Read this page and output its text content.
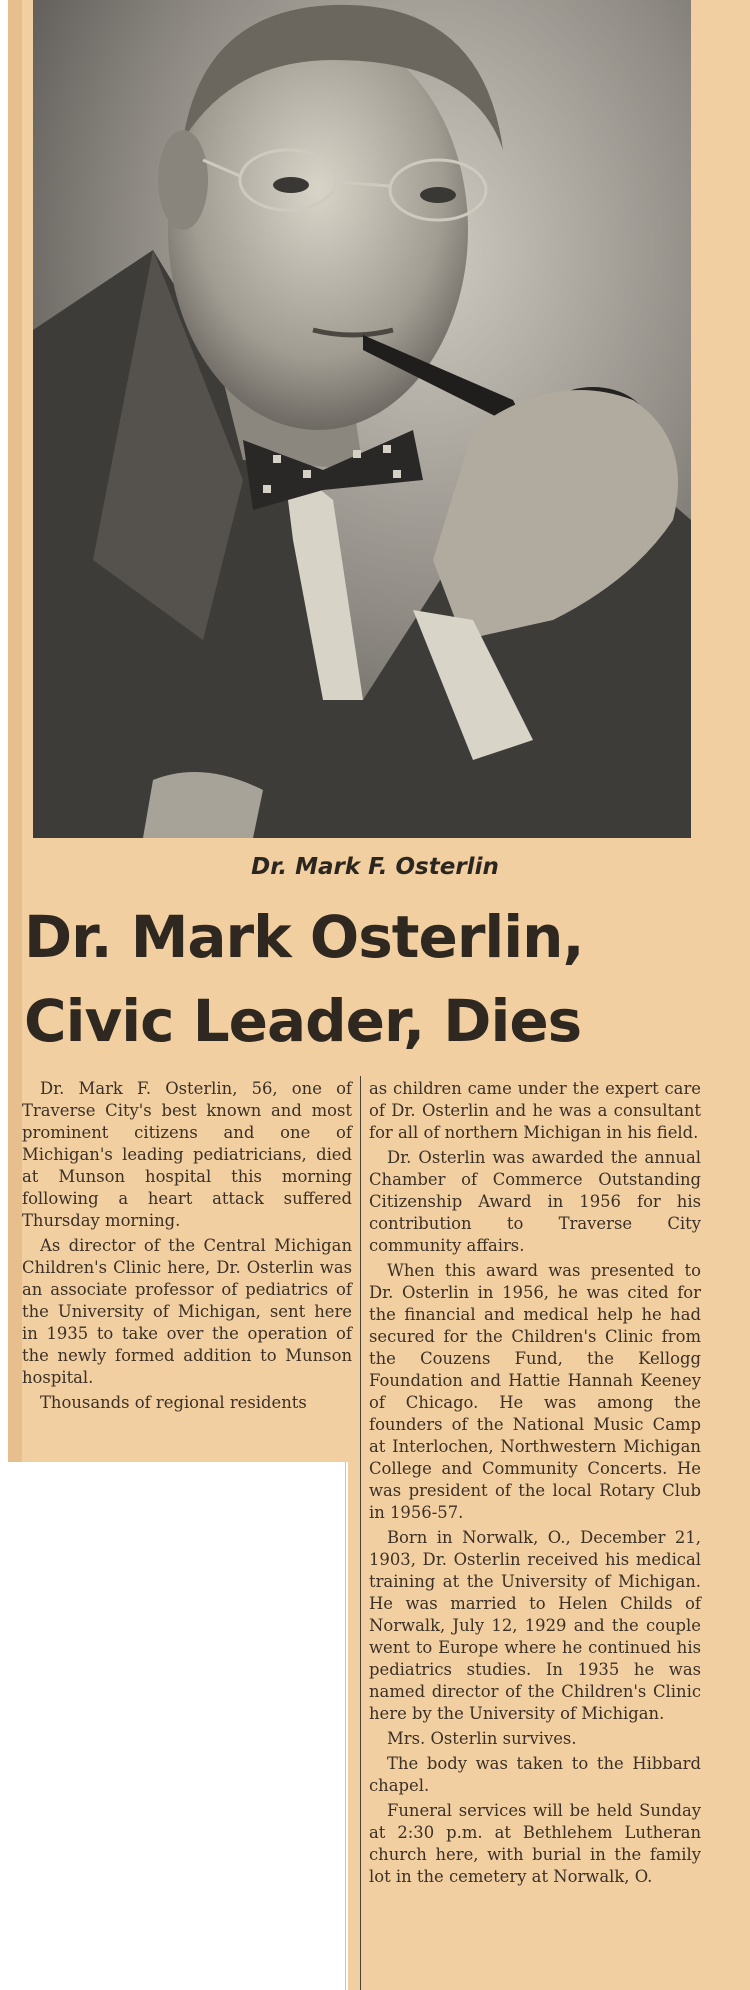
Dr. Mark F. Osterlin
Dr. Mark Osterlin,
Civic Leader, Dies

Dr. Mark F. Osterlin, 56, one of Traverse City's best known and most prominent citizens and one of Michigan's leading pediatricians, died at Munson hospital this morning following a heart attack suffered Thursday morning.

As director of the Central Michigan Children's Clinic here, Dr. Osterlin was an associate professor of pediatrics of the University of Michigan, sent here in 1935 to take over the operation of the newly formed addition to Munson hospital.

Thousands of regional residents

as children came under the expert care of Dr. Osterlin and he was a consultant for all of northern Michigan in his field.

Dr. Osterlin was awarded the annual Chamber of Commerce Outstanding Citizenship Award in 1956 for his contribution to Traverse City community affairs.

When this award was presented to Dr. Osterlin in 1956, he was cited for the financial and medical help he had secured for the Children's Clinic from the Couzens Fund, the Kellogg Foundation and Hattie Hannah Keeney of Chicago. He was among the founders of the National Music Camp at Interlochen, Northwestern Michigan College and Community Concerts. He was president of the local Rotary Club in 1956-57.

Born in Norwalk, O., December 21, 1903, Dr. Osterlin received his medical training at the University of Michigan. He was married to Helen Childs of Norwalk, July 12, 1929 and the couple went to Europe where he continued his pediatrics studies. In 1935 he was named director of the Children's Clinic here by the University of Michigan.

Mrs. Osterlin survives.

The body was taken to the Hibbard chapel.

Funeral services will be held Sunday at 2:30 p.m. at Bethlehem Lutheran church here, with burial in the family lot in the cemetery at Norwalk, O.
